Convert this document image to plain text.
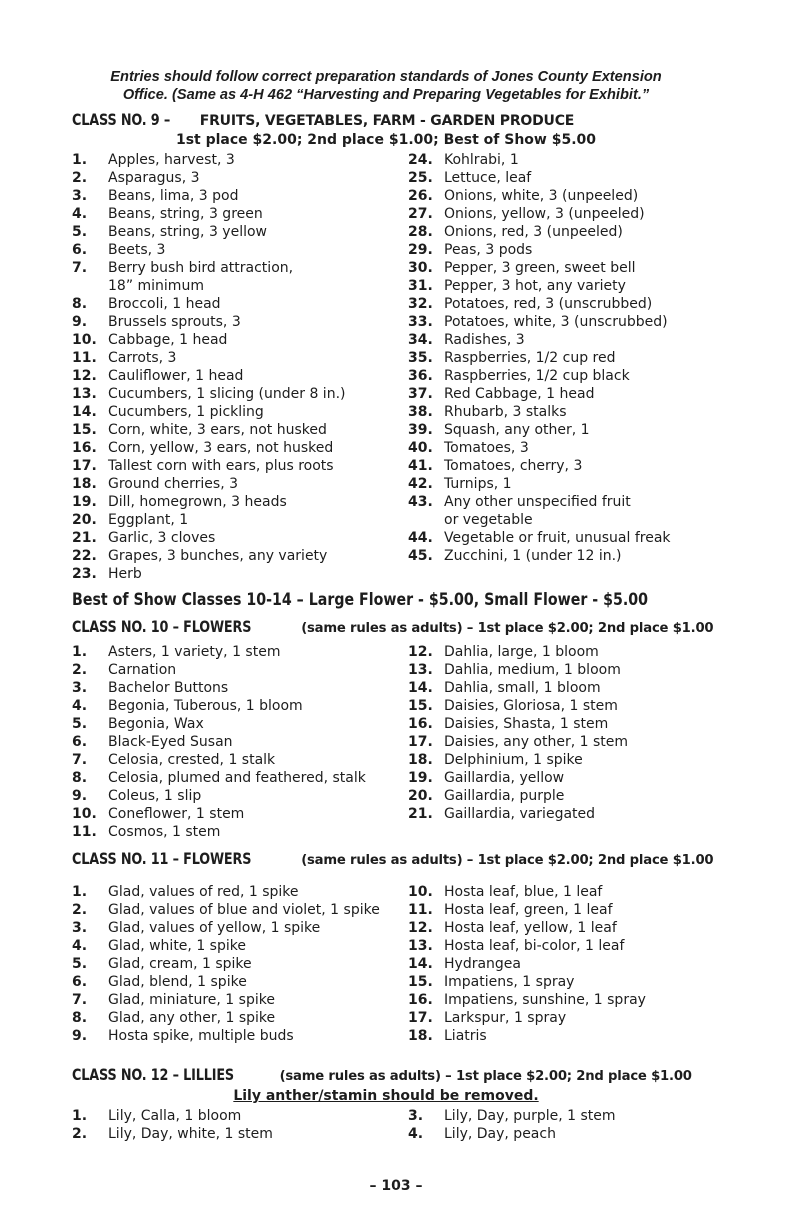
Entries should follow correct preparation standards of Jones County Extension
Office. (Same as 4-H 462 “Harvesting and Preparing Vegetables for Exhibit.”
CLASS NO. 9 – FRUITS, VEGETABLES, FARM - GARDEN PRODUCE
1st place $2.00; 2nd place $1.00; Best of Show $5.00
1.	Apples, harvest, 3
2.	Asparagus, 3
3.	Beans, lima, 3 pod
4.	Beans, string, 3 green
5.	Beans, string, 3 yellow
6.	Beets, 3
7.	Berry bush bird attraction,
18” minimum
8.	Broccoli, 1 head
9.	Brussels sprouts, 3
10. Cabbage, 1 head
11. Carrots, 3
12. Cauliflower, 1 head
13. Cucumbers, 1 slicing (under 8 in.)
14. Cucumbers, 1 pickling
15. Corn, white, 3 ears, not husked
16. Corn, yellow, 3 ears, not husked
17. Tallest corn with ears, plus roots
18. Ground cherries, 3
19. Dill, homegrown, 3 heads
20. Eggplant, 1
21. Garlic, 3 cloves
22. Grapes, 3 bunches, any variety
23. Herb
24. Kohlrabi, 1
25. Lettuce, leaf
26. Onions, white, 3 (unpeeled)
27. Onions, yellow, 3 (unpeeled)
28. Onions, red, 3 (unpeeled)
29. Peas, 3 pods
30. Pepper, 3 green, sweet bell
31. Pepper, 3 hot, any variety
32. Potatoes, red, 3 (unscrubbed)
33. Potatoes, white, 3 (unscrubbed)
34. Radishes, 3
35. Raspberries, 1/2 cup red
36. Raspberries, 1/2 cup black
37. Red Cabbage, 1 head
38. Rhubarb, 3 stalks
39. Squash, any other, 1
40. Tomatoes, 3
41. Tomatoes, cherry, 3
42. Turnips, 1
43. Any other unspecified fruit
or vegetable
44. Vegetable or fruit, unusual freak
45. Zucchini, 1 (under 12 in.)
Best of Show Classes 10-14 – Large Flower - $5.00, Small Flower - $5.00
CLASS NO. 10 – FLOWERS	(same rules as adults) – 1st place $2.00; 2nd place $1.00
1.	Asters, 1 variety, 1 stem
2.	Carnation
3.	Bachelor Buttons
4.	Begonia, Tuberous, 1 bloom
5.	Begonia, Wax
6.	Black-Eyed Susan
7.	Celosia, crested, 1 stalk
8.	Celosia, plumed and feathered, stalk
9.	Coleus, 1 slip
10. Coneflower, 1 stem
11. Cosmos, 1 stem
12. Dahlia, large, 1 bloom
13. Dahlia, medium, 1 bloom
14. Dahlia, small, 1 bloom
15. Daisies, Gloriosa, 1 stem
16. Daisies, Shasta, 1 stem
17. Daisies, any other, 1 stem
18. Delphinium, 1 spike
19. Gaillardia, yellow
20. Gaillardia, purple
21. Gaillardia, variegated
CLASS NO. 11 – FLOWERS	(same rules as adults) – 1st place $2.00; 2nd place $1.00
1.	Glad, values of red, 1 spike
2.	Glad, values of blue and violet, 1 spike
3.	Glad, values of yellow, 1 spike
4.	Glad, white, 1 spike
5.	Glad, cream, 1 spike
6.	Glad, blend, 1 spike
7.	Glad, miniature, 1 spike
8.	Glad, any other, 1 spike
9.	Hosta spike, multiple buds
10. Hosta leaf, blue, 1 leaf
11. Hosta leaf, green, 1 leaf
12. Hosta leaf, yellow, 1 leaf
13. Hosta leaf, bi-color, 1 leaf
14. Hydrangea
15. Impatiens, 1 spray
16. Impatiens, sunshine, 1 spray
17. Larkspur, 1 spray
18. Liatris
CLASS NO. 12 – LILLIES	(same rules as adults) – 1st place $2.00; 2nd place $1.00
Lily anther/stamin should be removed.
1.	Lily, Calla, 1 bloom
2.	Lily, Day, white, 1 stem
3.	Lily, Day, purple, 1 stem
4.	Lily, Day, peach
– 103 –
